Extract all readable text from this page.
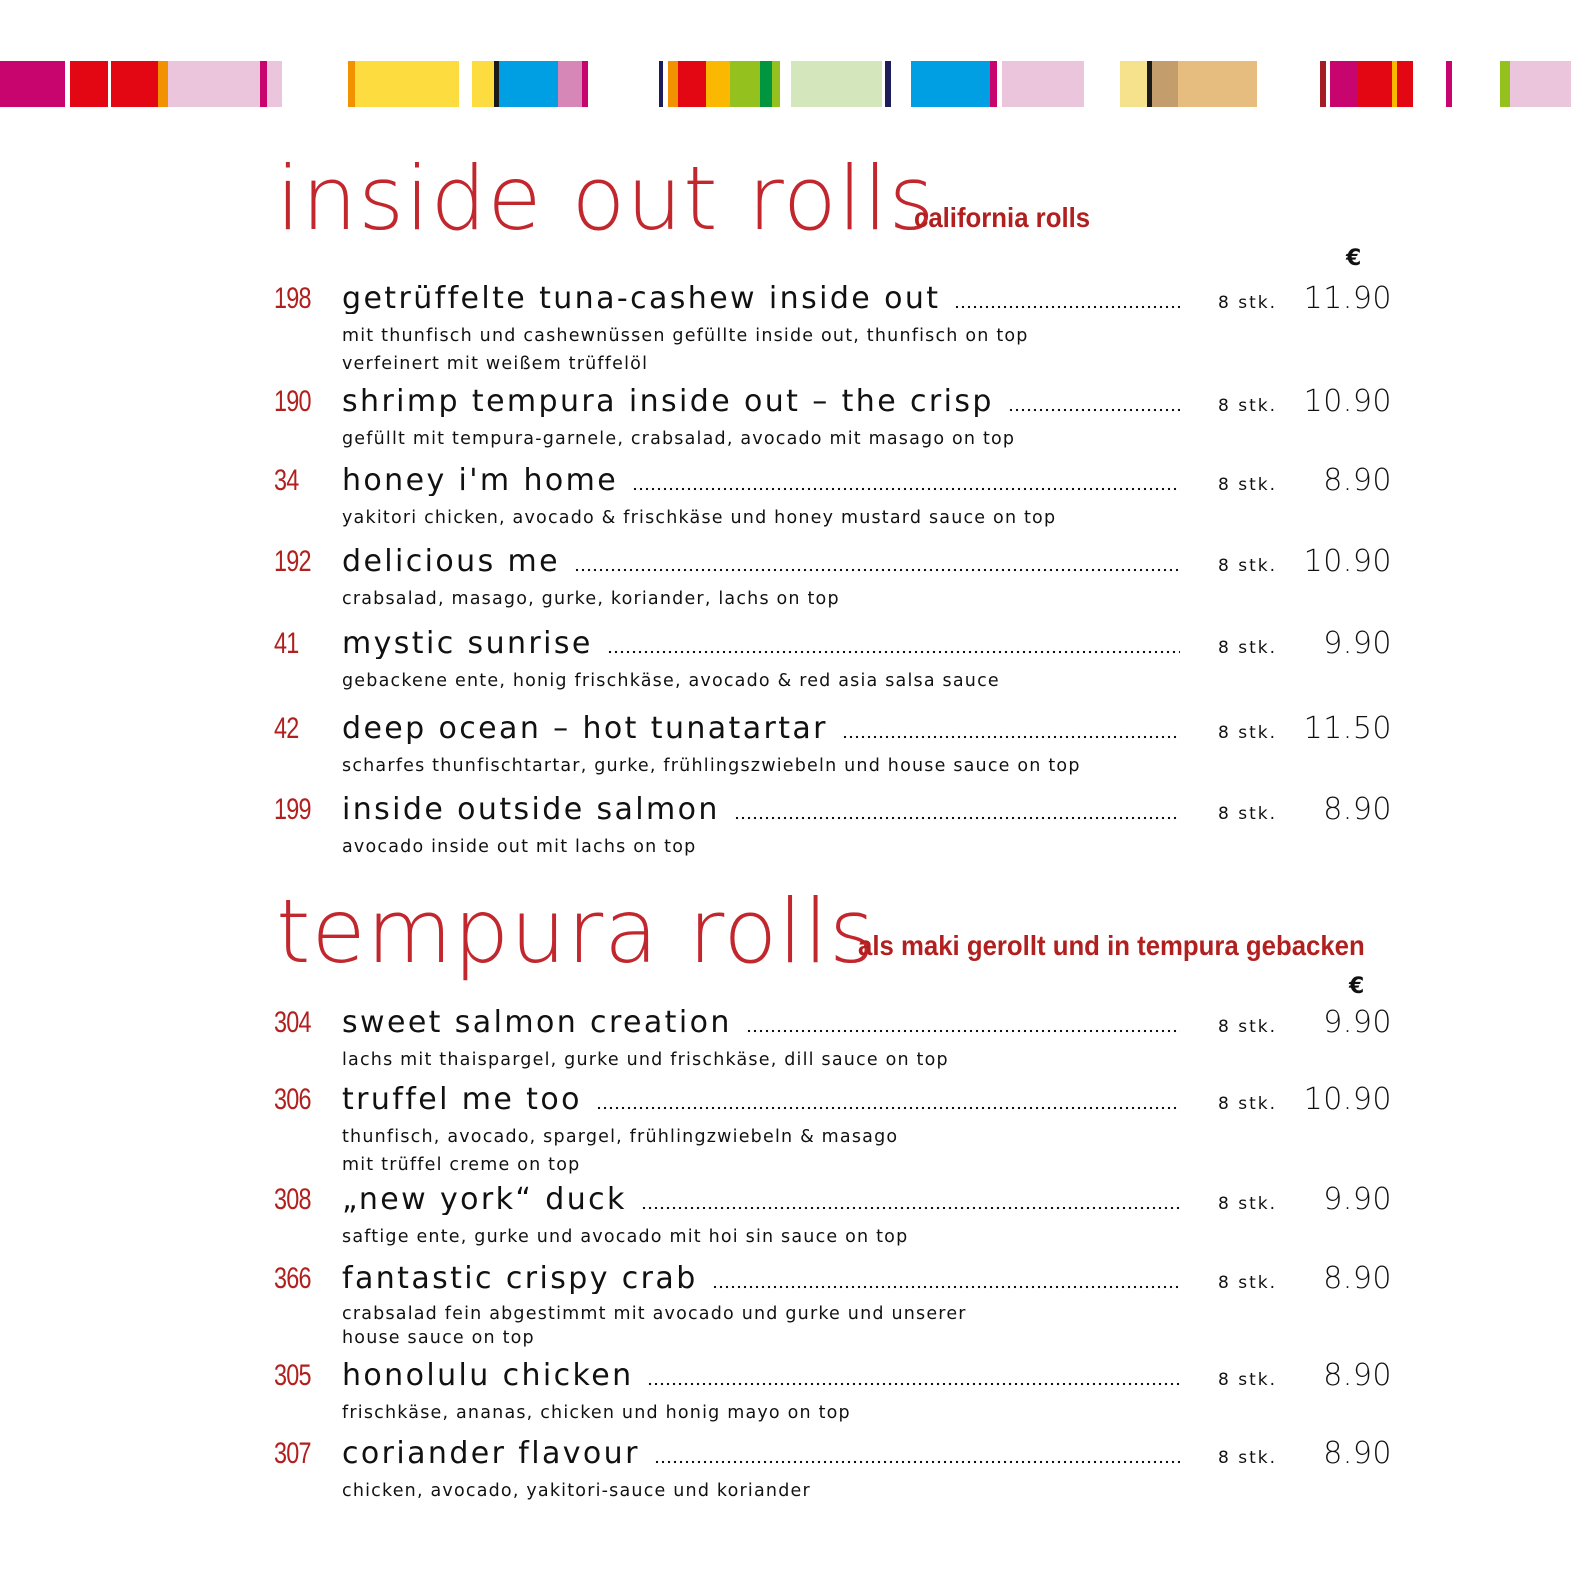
inside out rolls
california rolls
€
198 getrüffelte tuna-cashew inside out	8 stk. 11.90
mit thunfisch und cashewnüssen gefüllte inside out, thunfisch on top
verfeinert mit weißem trüffelöl
190 shrimp tempura inside out – the crisp	8 stk. 10.90
gefüllt mit tempura-garnele, crabsalad, avocado mit masago on top
34 honey i'm home	8 stk.	8.90
yakitori chicken, avocado & frischkäse und honey mustard sauce on top
192 delicious me	8 stk. 10.90
crabsalad, masago, gurke, koriander, lachs on top
41 mystic sunrise	8 stk.	9.90
gebackene ente, honig frischkäse, avocado & red asia salsa sauce
42 deep ocean – hot tunatartar	8 stk. 11.50
scharfes thunfischtartar, gurke, frühlingszwiebeln und house sauce on top
199 inside outside salmon	8 stk.	8.90
avocado inside out mit lachs on top
tempura rolls
als maki gerollt und in tempura gebacken
€
304 sweet salmon creation	8 stk.	9.90
lachs mit thaispargel, gurke und frischkäse, dill sauce on top
306 truffel me too	8 stk. 10.90
thunfisch, avocado, spargel, frühlingzwiebeln & masago
mit trüffel creme on top
308 „new york“ duck	8 stk.	9.90
saftige ente, gurke und avocado mit hoi sin sauce on top
366 fantastic crispy crab	8 stk.	8.90
crabsalad fein abgestimmt mit avocado und gurke und unserer
house sauce on top
305 honolulu chicken	8 stk.	8.90
frischkäse, ananas, chicken und honig mayo on top
307 coriander flavour	8 stk.	8.90
chicken, avocado, yakitori-sauce und koriander
